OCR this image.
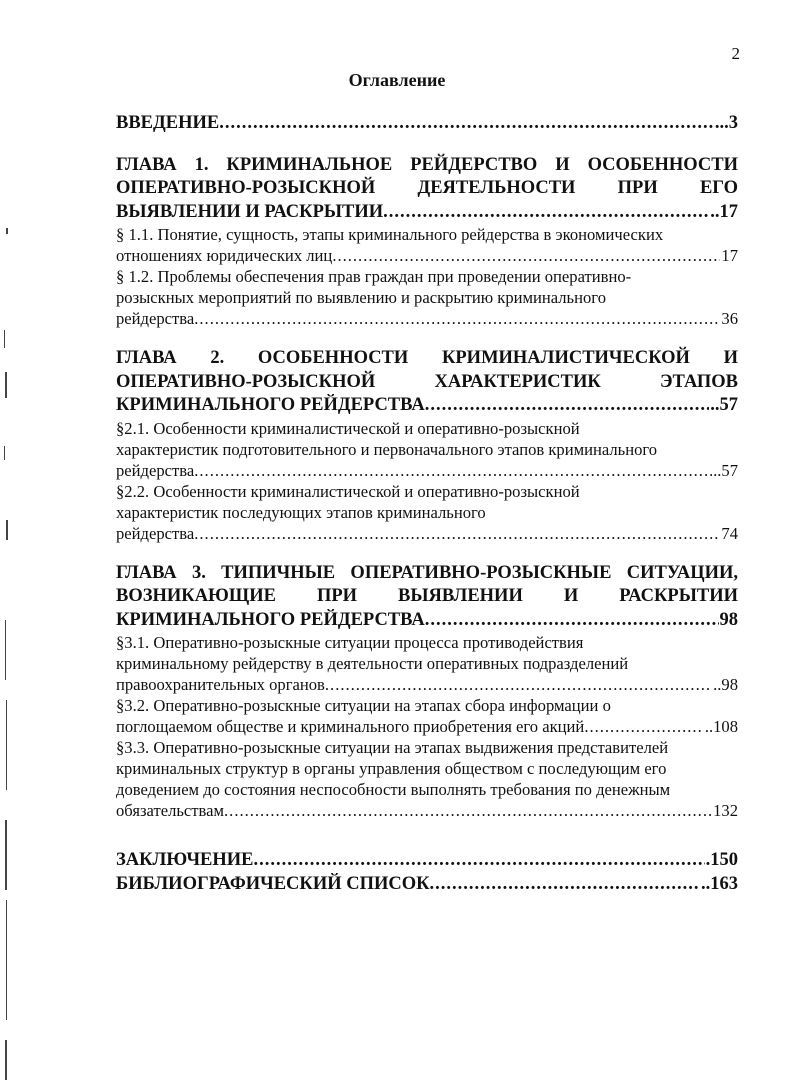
2
Оглавление
ВВЕДЕНИЕ .....	...3
ГЛАВА 1. КРИМИНАЛЬНОЕ РЕЙДЕРСТВО И ОСОБЕННОСТИ
ОПЕРАТИВНО-РОЗЫСКНОЙ ДЕЯТЕЛЬНОСТИ ПРИ ЕГО
ВЫЯВЛЕНИИ И РАСКРЫТИИ .....	..17
§ 1.1. Понятие, сущность, этапы криминального рейдерства в экономических
отношениях юридических лиц .....	17
§ 1.2. Проблемы обеспечения прав граждан при проведении оперативно-
розыскных мероприятий по выявлению и раскрытию криминального
рейдерства .....	36
ГЛАВА 2. ОСОБЕННОСТИ КРИМИНАЛИСТИЧЕСКОЙ И
ОПЕРАТИВНО-РОЗЫСКНОЙ ХАРАКТЕРИСТИК ЭТАПОВ
КРИМИНАЛЬНОГО РЕЙДЕРСТВА .....	..57
§2.1. Особенности криминалистической и оперативно-розыскной
характеристик подготовительного и первоначального этапов криминального
рейдерства .....	..57
§2.2. Особенности криминалистической и оперативно-розыскной
характеристик последующих этапов криминального
рейдерства .....	74
ГЛАВА 3. ТИПИЧНЫЕ ОПЕРАТИВНО-РОЗЫСКНЫЕ СИТУАЦИИ,
ВОЗНИКАЮЩИЕ ПРИ ВЫЯВЛЕНИИ И РАСКРЫТИИ
КРИМИНАЛЬНОГО РЕЙДЕРСТВА .....	98
§3.1. Оперативно-розыскные ситуации процесса противодействия
криминальному рейдерству в деятельности оперативных подразделений
правоохранительных органов .....	..98
§3.2. Оперативно-розыскные ситуации на этапах сбора информации о
поглощаемом обществе и криминального приобретения его акций .....	..108
§3.3. Оперативно-розыскные ситуации на этапах выдвижения представителей
криминальных структур в органы управления обществом с последующим его
доведением до состояния неспособности выполнять требования по денежным
обязательствам .....	132
ЗАКЛЮЧЕНИЕ .....	.150
БИБЛИОГРАФИЧЕСКИЙ СПИСОК .....	..163
